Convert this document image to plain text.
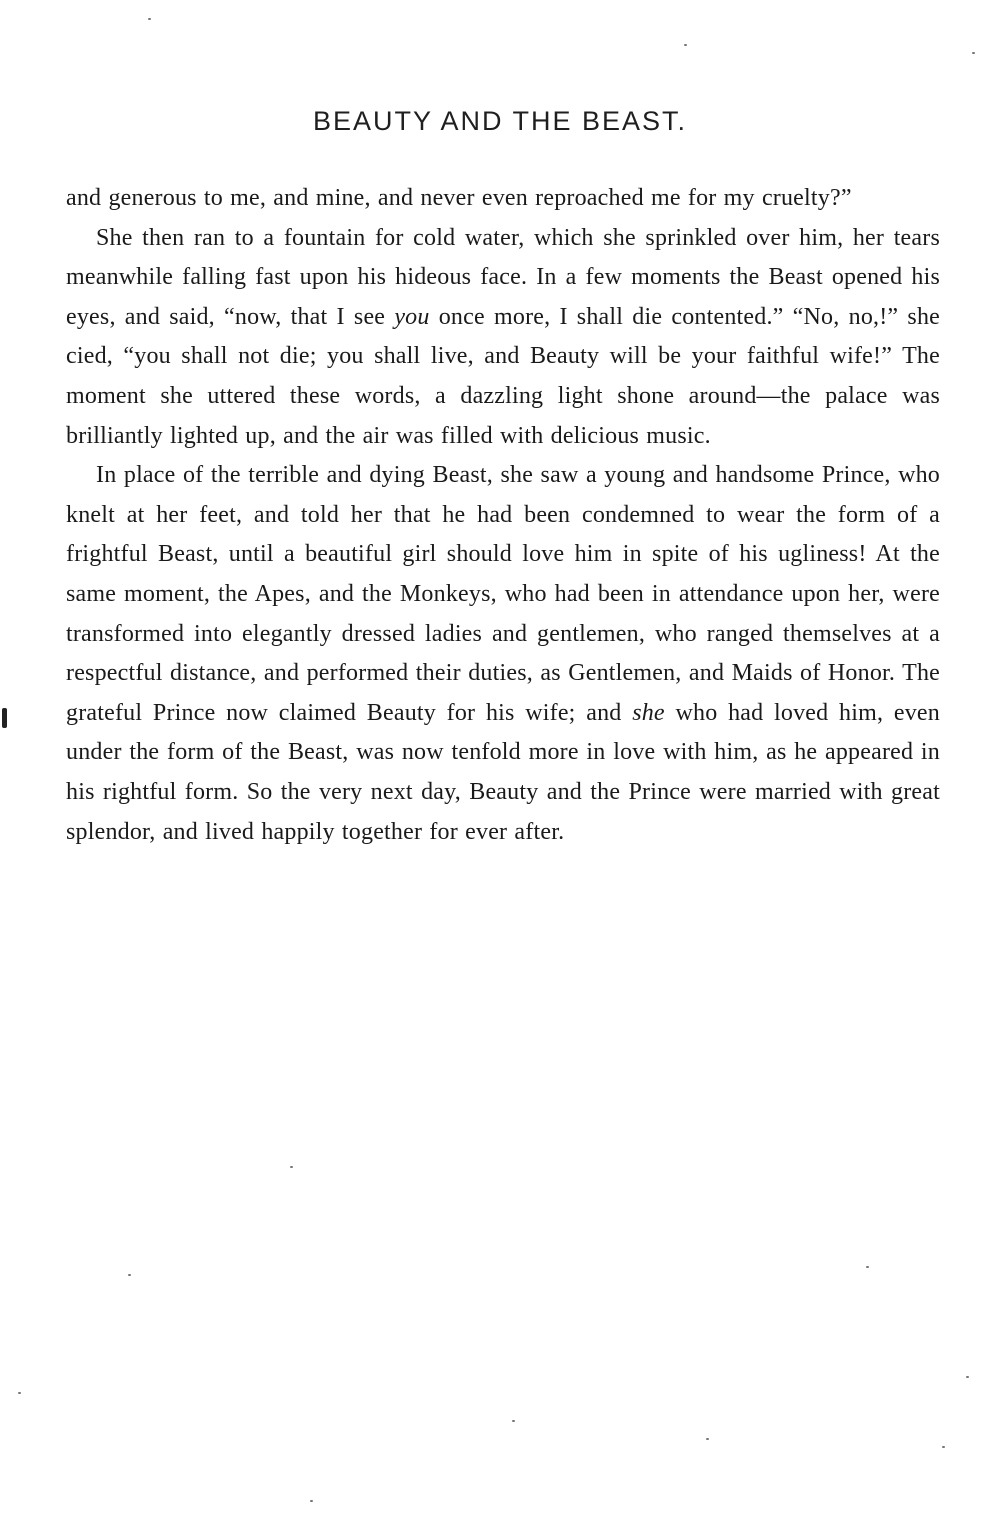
BEAUTY AND THE BEAST.

and generous to me, and mine, and never even reproached me for my cruelty?”

She then ran to a fountain for cold water, which she sprinkled over him, her tears meanwhile falling fast upon his hideous face. In a few moments the Beast opened his eyes, and said, “now, that I see you once more, I shall die contented.” “No, no,!” she cied, “you shall not die; you shall live, and Beauty will be your faithful wife!” The moment she uttered these words, a dazzling light shone around—the palace was brilliantly lighted up, and the air was filled with delicious music.

In place of the terrible and dying Beast, she saw a young and handsome Prince, who knelt at her feet, and told her that he had been condemned to wear the form of a frightful Beast, until a beautiful girl should love him in spite of his ugliness! At the same moment, the Apes, and the Monkeys, who had been in attendance upon her, were transformed into elegantly dressed ladies and gentlemen, who ranged themselves at a respectful distance, and performed their duties, as Gentlemen, and Maids of Honor. The grateful Prince now claimed Beauty for his wife; and she who had loved him, even under the form of the Beast, was now tenfold more in love with him, as he appeared in his rightful form. So the very next day, Beauty and the Prince were married with great splendor, and lived happily together for ever after.
